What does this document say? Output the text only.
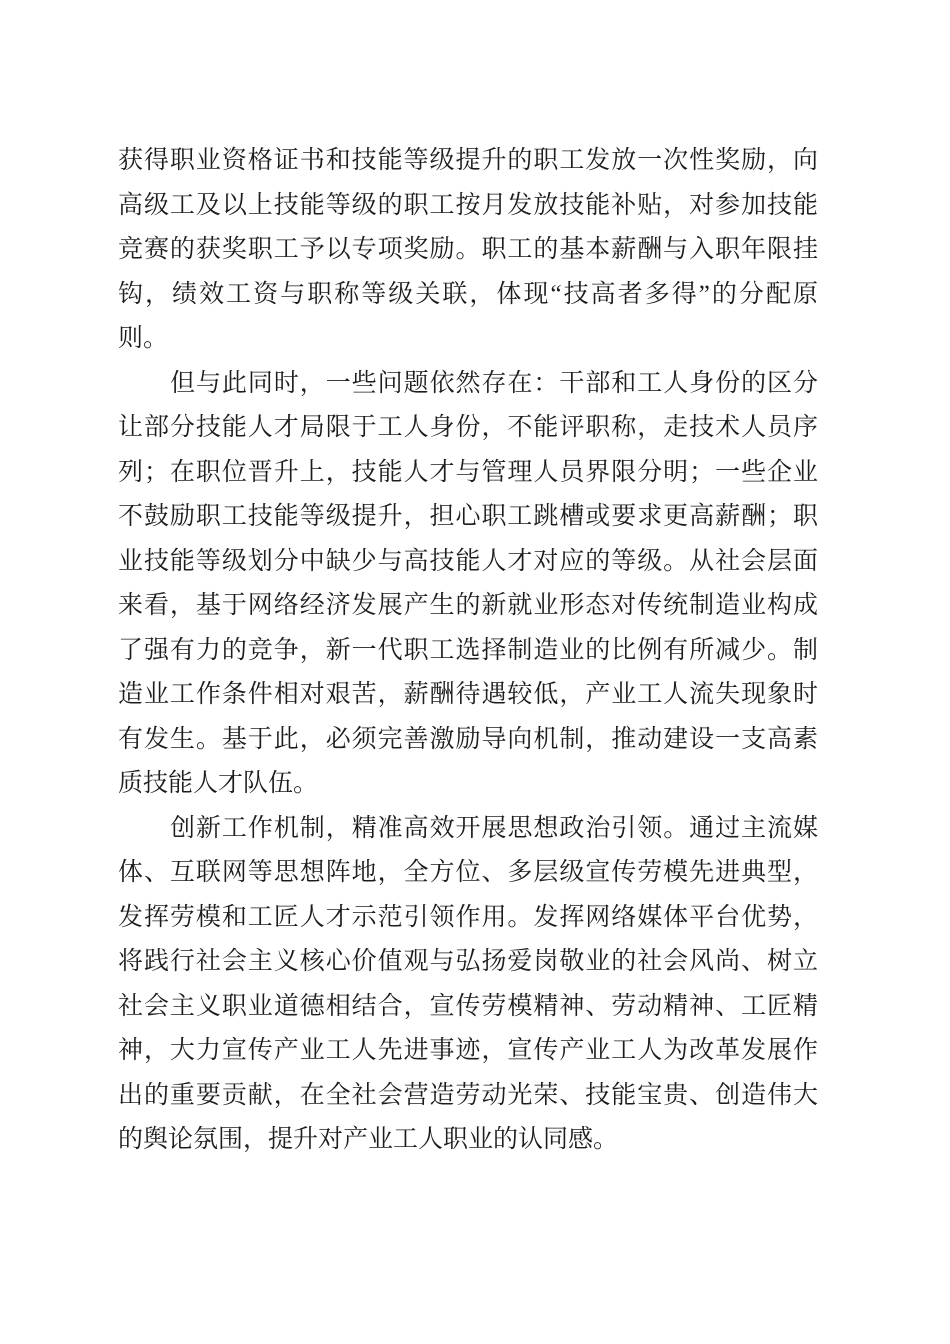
获得职业资格证书和技能等级提升的职工发放一次性奖励，向
高级工及以上技能等级的职工按月发放技能补贴，对参加技能
竞赛的获奖职工予以专项奖励。职工的基本薪酬与入职年限挂
钩，绩效工资与职称等级关联，体现“技高者多得”的分配原
则。
但与此同时，一些问题依然存在：干部和工人身份的区分
让部分技能人才局限于工人身份，不能评职称，走技术人员序
列；在职位晋升上，技能人才与管理人员界限分明；一些企业
不鼓励职工技能等级提升，担心职工跳槽或要求更高薪酬；职
业技能等级划分中缺少与高技能人才对应的等级。从社会层面
来看，基于网络经济发展产生的新就业形态对传统制造业构成
了强有力的竞争，新一代职工选择制造业的比例有所减少。制
造业工作条件相对艰苦，薪酬待遇较低，产业工人流失现象时
有发生。基于此，必须完善激励导向机制，推动建设一支高素
质技能人才队伍。
创新工作机制，精准高效开展思想政治引领。通过主流媒
体、互联网等思想阵地，全方位、多层级宣传劳模先进典型，
发挥劳模和工匠人才示范引领作用。发挥网络媒体平台优势，
将践行社会主义核心价值观与弘扬爱岗敬业的社会风尚、树立
社会主义职业道德相结合，宣传劳模精神、劳动精神、工匠精
神，大力宣传产业工人先进事迹，宣传产业工人为改革发展作
出的重要贡献，在全社会营造劳动光荣、技能宝贵、创造伟大
的舆论氛围，提升对产业工人职业的认同感。
